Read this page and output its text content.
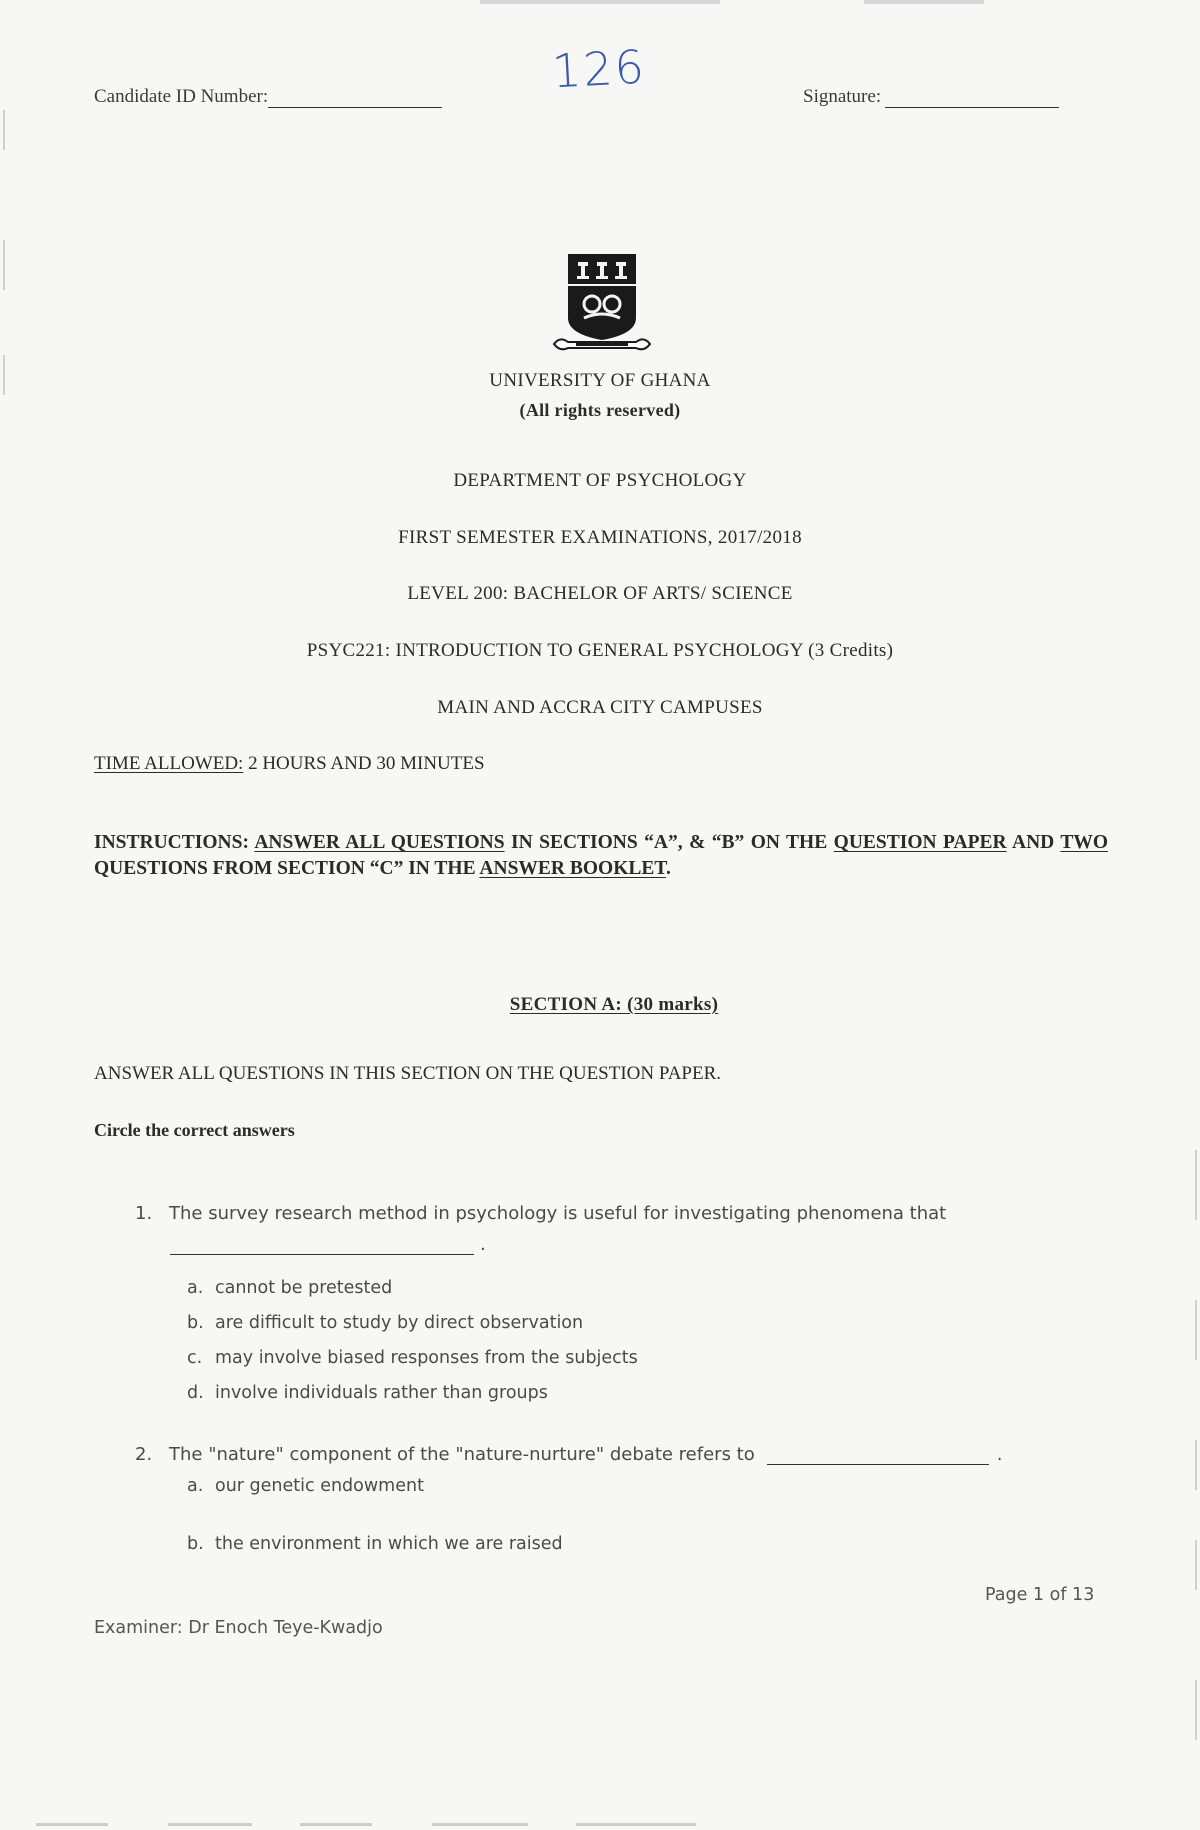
Candidate ID Number:	126	Signature:
UNIVERSITY OF GHANA
(All rights reserved)
DEPARTMENT OF PSYCHOLOGY
FIRST SEMESTER EXAMINATIONS, 2017/2018
LEVEL 200: BACHELOR OF ARTS/ SCIENCE
PSYC221: INTRODUCTION TO GENERAL PSYCHOLOGY (3 Credits)
MAIN AND ACCRA CITY CAMPUSES
TIME ALLOWED: 2 HOURS AND 30 MINUTES
INSTRUCTIONS: ANSWER ALL QUESTIONS IN SECTIONS “A”, & “B” ON THE QUESTION PAPER AND TWO QUESTIONS FROM SECTION “C” IN THE ANSWER BOOKLET.
SECTION A: (30 marks)
ANSWER ALL QUESTIONS IN THIS SECTION ON THE QUESTION PAPER.
Circle the correct answers
1. The survey research method in psychology is useful for investigating phenomena that
.
a. cannot be pretested
b. are difficult to study by direct observation
c. may involve biased responses from the subjects
d. involve individuals rather than groups
2. The "nature" component of the "nature-nurture" debate refers to	.
a. our genetic endowment
b. the environment in which we are raised
Page 1 of 13
Examiner: Dr Enoch Teye-Kwadjo
